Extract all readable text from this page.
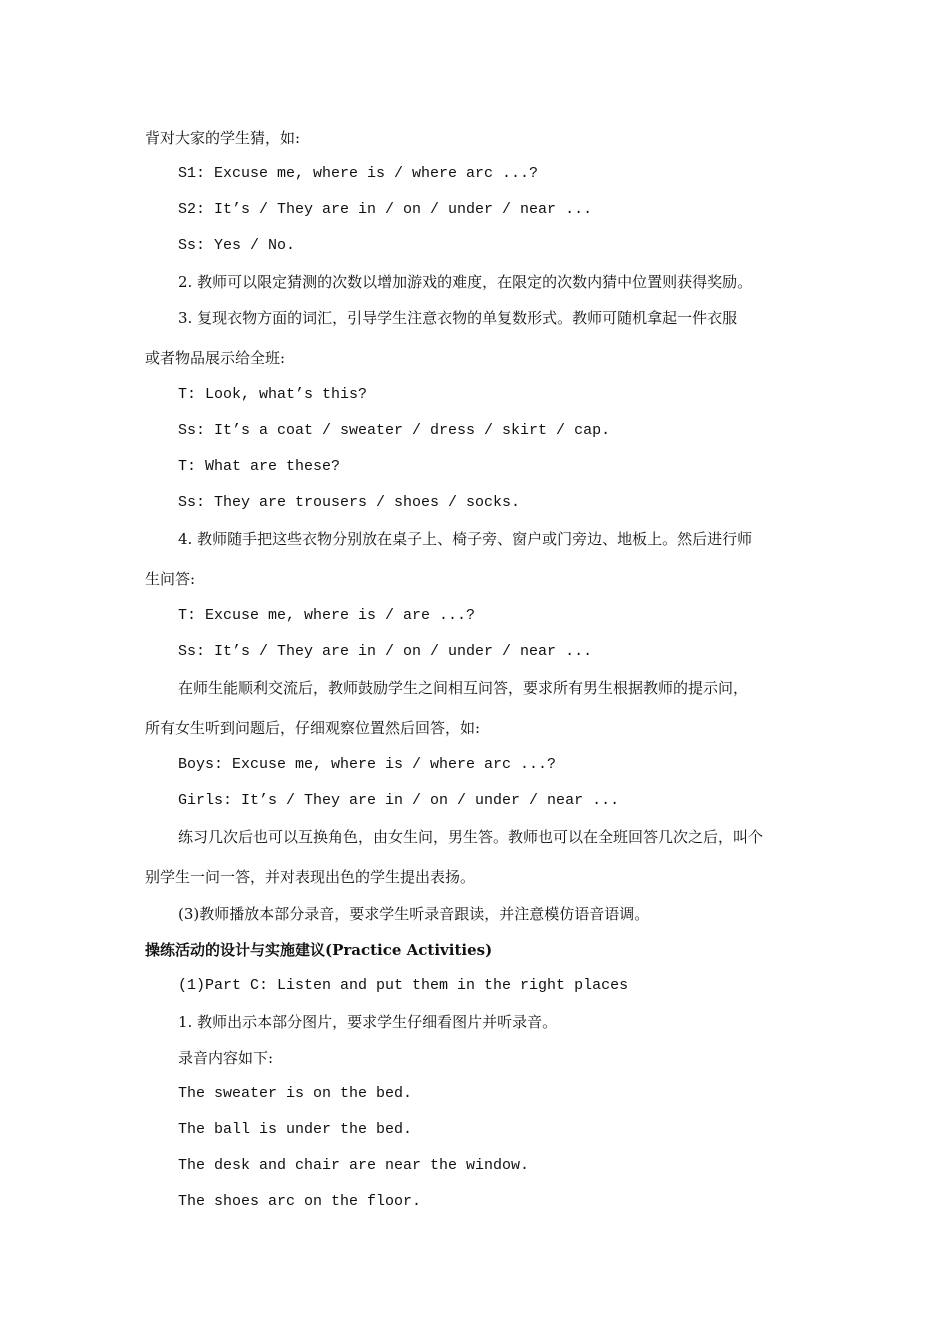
背对大家的学生猜，如:
S1: Excuse me, where is / where arc ...?
S2: It’s / They are in / on / under / near ...
Ss: Yes / No.
2. 教师可以限定猜测的次数以增加游戏的难度，在限定的次数内猜中位置则获得奖励。
3. 复现衣物方面的词汇，引导学生注意衣物的单复数形式。教师可随机拿起一件衣服
或者物品展示给全班:
T: Look, what’s this?
Ss: It’s a coat / sweater / dress / skirt / cap.
T: What are these?
Ss: They are trousers / shoes / socks.
4. 教师随手把这些衣物分别放在桌子上、椅子旁、窗户或门旁边、地板上。然后进行师
生问答:
T: Excuse me, where is / are ...?
Ss: It’s / They are in / on / under / near ...
在师生能顺利交流后，教师鼓励学生之间相互问答，要求所有男生根据教师的提示问，
所有女生听到问题后，仔细观察位置然后回答，如:
Boys: Excuse me, where is / where arc ...?
Girls: It’s / They are in / on / under / near ...
练习几次后也可以互换角色，由女生问，男生答。教师也可以在全班回答几次之后，叫个
别学生一问一答，并对表现出色的学生提出表扬。
(3)教师播放本部分录音，要求学生听录音跟读，并注意模仿语音语调。
操练活动的设计与实施建议(Practice Activities)
(1)Part C: Listen and put them in the right places
1. 教师出示本部分图片，要求学生仔细看图片并听录音。
录音内容如下:
The sweater is on the bed.
The ball is under the bed.
The desk and chair are near the window.
The shoes arc on the floor.
